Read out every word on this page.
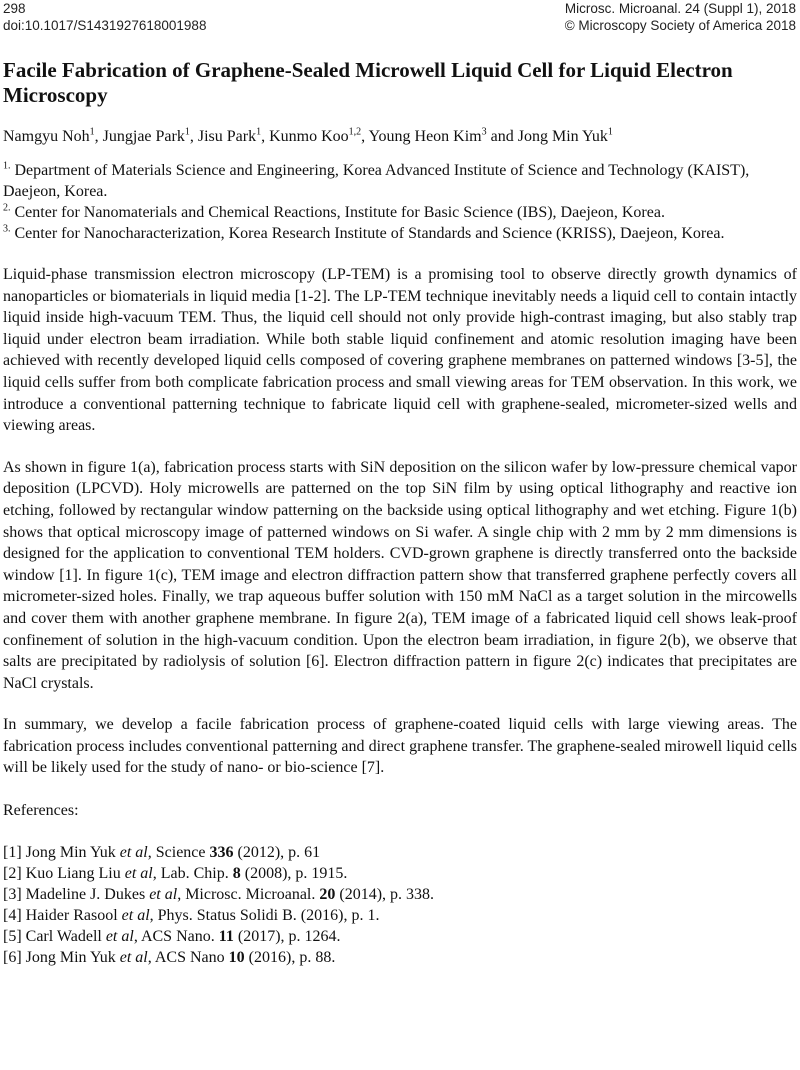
298
doi:10.1017/S1431927618001988
Microsc. Microanal. 24 (Suppl 1), 2018
© Microscopy Society of America 2018
Facile Fabrication of Graphene-Sealed Microwell Liquid Cell for Liquid Electron Microscopy
Namgyu Noh$^1$, Jungjae Park$^1$, Jisu Park$^1$, Kunmo Koo$^{1,2}$, Young Heon Kim$^3$ and Jong Min Yuk$^1$
$^{1.}$ Department of Materials Science and Engineering, Korea Advanced Institute of Science and Technology (KAIST), Daejeon, Korea.
$^{2.}$ Center for Nanomaterials and Chemical Reactions, Institute for Basic Science (IBS), Daejeon, Korea.
$^{3.}$ Center for Nanocharacterization, Korea Research Institute of Standards and Science (KRISS), Daejeon, Korea.
Liquid-phase transmission electron microscopy (LP-TEM) is a promising tool to observe directly growth dynamics of nanoparticles or biomaterials in liquid media [1-2]. The LP-TEM technique inevitably needs a liquid cell to contain intactly liquid inside high-vacuum TEM. Thus, the liquid cell should not only provide high-contrast imaging, but also stably trap liquid under electron beam irradiation. While both stable liquid confinement and atomic resolution imaging have been achieved with recently developed liquid cells composed of covering graphene membranes on patterned windows [3-5], the liquid cells suffer from both complicate fabrication process and small viewing areas for TEM observation. In this work, we introduce a conventional patterning technique to fabricate liquid cell with graphene-sealed, micrometer-sized wells and viewing areas.
As shown in figure 1(a), fabrication process starts with SiN deposition on the silicon wafer by low-pressure chemical vapor deposition (LPCVD). Holy microwells are patterned on the top SiN film by using optical lithography and reactive ion etching, followed by rectangular window patterning on the backside using optical lithography and wet etching. Figure 1(b) shows that optical microscopy image of patterned windows on Si wafer. A single chip with 2 mm by 2 mm dimensions is designed for the application to conventional TEM holders. CVD-grown graphene is directly transferred onto the backside window [1]. In figure 1(c), TEM image and electron diffraction pattern show that transferred graphene perfectly covers all micrometer-sized holes. Finally, we trap aqueous buffer solution with 150 mM NaCl as a target solution in the mircowells and cover them with another graphene membrane. In figure 2(a), TEM image of a fabricated liquid cell shows leak-proof confinement of solution in the high-vacuum condition. Upon the electron beam irradiation, in figure 2(b), we observe that salts are precipitated by radiolysis of solution [6]. Electron diffraction pattern in figure 2(c) indicates that precipitates are NaCl crystals.
In summary, we develop a facile fabrication process of graphene-coated liquid cells with large viewing areas. The fabrication process includes conventional patterning and direct graphene transfer. The graphene-sealed mirowell liquid cells will be likely used for the study of nano- or bio-science [7].
References:
[1] Jong Min Yuk et al, Science 336 (2012), p. 61
[2] Kuo Liang Liu et al, Lab. Chip. 8 (2008), p. 1915.
[3] Madeline J. Dukes et al, Microsc. Microanal. 20 (2014), p. 338.
[4] Haider Rasool et al, Phys. Status Solidi B. (2016), p. 1.
[5] Carl Wadell et al, ACS Nano. 11 (2017), p. 1264.
[6] Jong Min Yuk et al, ACS Nano 10 (2016), p. 88.
